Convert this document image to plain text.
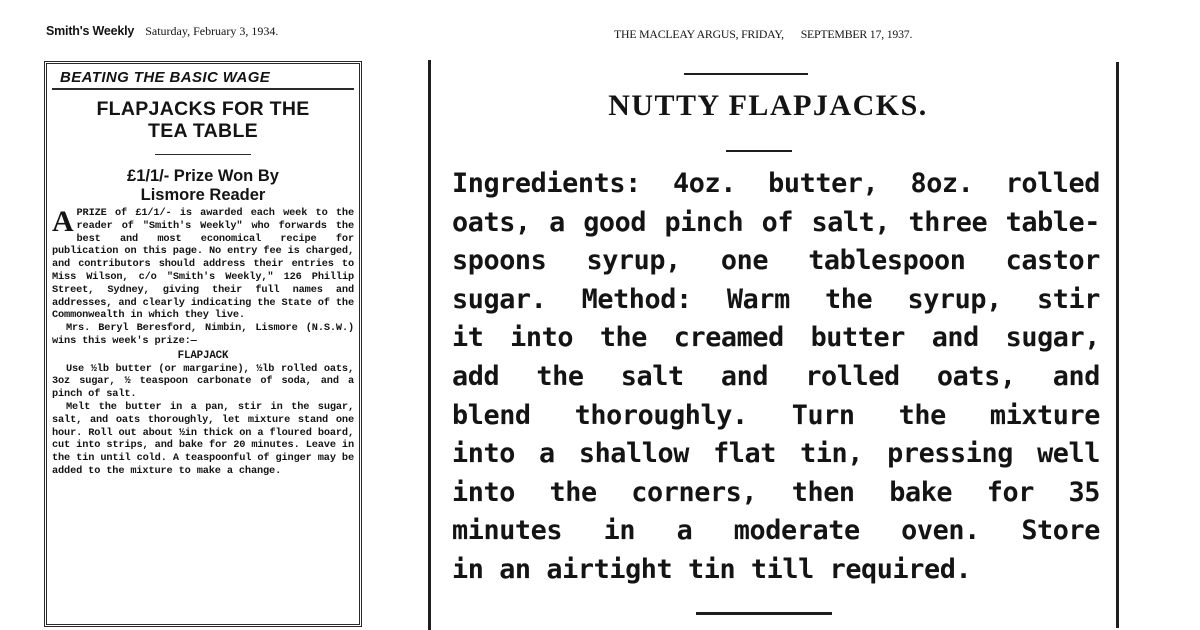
Smith's Weekly Saturday, February 3, 1934.
BEATING THE BASIC WAGE
FLAPJACKS FOR THE
TEA TABLE
£1/1/- Prize Won By
Lismore Reader

APRIZE of £1/1/- is awarded each week to the reader of "Smith's Weekly" who forwards the best and most economical recipe for publication on this page. No entry fee is charged, and contributors should address their entries to Miss Wilson, c/o "Smith's Weekly," 126 Phillip Street, Sydney, giving their full names and addresses, and clearly indicating the State of the Commonwealth in which they live.

Mrs. Beryl Beresford, Nimbin, Lismore (N.S.W.) wins this week's prize:—

FLAPJACK

Use ½lb butter (or margarine), ½lb rolled oats, 3oz sugar, ½ teaspoon carbonate of soda, and a pinch of salt.

Melt the butter in a pan, stir in the sugar, salt, and oats thoroughly, let mixture stand one hour. Roll out about ½in thick on a floured board, cut into strips, and bake for 20 minutes. Leave in the tin until cold. A teaspoonful of ginger may be added to the mixture to make a change.

THE MACLEAY ARGUS, FRIDAY, SEPTEMBER 17, 1937.
NUTTY FLAPJACKS.
Ingredients: 4oz. butter, 8oz. rolled
oats, a good pinch of salt, three table-
spoons syrup, one tablespoon castor
sugar. Method: Warm the syrup, stir
it into the creamed butter and sugar,
add the salt and rolled oats, and
blend thoroughly. Turn the mixture
into a shallow flat tin, pressing well
into the corners, then bake for 35
minutes in a moderate oven. Store
in an airtight tin till required.
